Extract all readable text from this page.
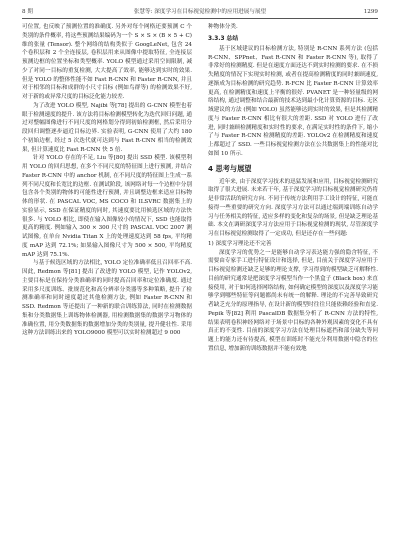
8 期	张慧等: 深度学习在目标视觉检测中的应用进展与展望	1299

可位置, 也反映了预测位置的准确度. 另外对每个网格还要预测 C 个类别的条件概率, 将这些预测结果编码为一个 S × S × (B × 5 + C) 维的张量 (Tensor). 整个网络的结构类似于 GoogLeNet, 包含 24 个卷积层和 2 个全连接层, 卷积层用来从图像中提取特征, 全连接层预测边框的位置坐标和类型概率. YOLO 模型通过采用空间限制, 减少了对同一目标的重复检测, 大大提高了效率, 能够达到实时的效果. 但是 YOLO 的整体性能不如 Fast R-CNN 和 Faster R-CNN, 并且对于相邻的目标和成群的小尺寸目标 (例如鸟群等) 的检测效果不好, 对于新的或异常尺度的目标泛化能力较差.

为了改进 YOLO 模型, Najibi 等[78] 提出的 G-CNN 模型也着眼于检测速度的提升. 该方法将目标检测模型转化为迭代回归问题, 通过对整幅图像进行不同尺度的网格划分得到初始检测框, 然后采用分段回归调整逐步逼近目标边界. 实验表明, G-CNN 使用了大约 180 个初始边框, 经过 5 次迭代就可达到与 Fast R-CNN 相当的检测效果, 但计算速度比 Fast R-CNN 快 5 倍.

针对 YOLO 存在的不足, Liu 等[80] 提出 SSD 模型. 该模型利用 YOLO 的回归思想, 在多个不同尺度的特征图上进行预测, 并结合 Faster R-CNN 中的 anchor 机制, 在不同尺度的特征图上生成一系列不同尺度和长宽比的边框. 在测试阶段, 该网络对每一个边框中分别包含各个类别的物体的可能性进行预测, 并且调整边框来适应目标物体的形状. 在 PASCAL VOC, MS COCO 和 ILSVRC 数据集上的实验显示, SSD 在保证精度的同时, 其速度要比用候选区域的方法快很多. 与 YOLO 相比, 即使在输入图像较小的情况下, SSD 也能取得更高的精度. 例如输入 300 × 300 尺寸的 PASCAL VOC 2007 测试图像, 在单台 Nvidia Titan X 上的处理速度达到 58 fps, 平均精度 mAP 达到 72.1%; 如果输入图像尺寸为 500 × 500, 平均精度 mAP 达到 75.1%.

与基于候选区域的方法相比, YOLO 定位准确率低且召回率不高. 因此, Redmon 等[81] 提出了改进的 YOLO 模型, 记作 YOLOv2, 主要目标是在保持分类准确率的同时提高召回率和定位准确度. 通过采用多尺度训练、批规范化和高分辨率分类器等多种策略, 提升了检测准确率和同时速度超过其他检测方法, 例如 Faster R-CNN 和 SSD. Redmon 等还提出了一种新的联合训练算法, 同时在检测数据集和分类数据集上训练物体检测器, 用检测数据集的数据学习物体的准确位置, 用分类数据集的数据增加分类的类别量, 提升健壮性. 采用这种方法训练出来的 YOLO9000 模型可以实时检测超过 9 000

种物体分类.

3.3.3 总结

基于区域建议的目标检测方法, 特别是 R-CNN 系列方法 (包括 R-CNN、SPPnet、Fast R-CNN 和 Faster R-CNN 等), 取得了非常好的检测精度. 但是在速度方面还达不到实时检测的要求. 在不损失精度的情况下实现实时检测, 或者在提高检测精度的同时兼顾速度, 逐渐成为目标检测的研究趋势. R-FCN 比 Faster R-CNN 计算效率更高, 在检测精度和速度上平衡的很好. PVANET 是一种轻量级的网络结构, 通过调整和结合最新的技术达到最小化计算资源的目标. 无区域建议的方法 (例如 YOLO) 虽然能够达到实时的效果, 但是其检测精度与 Faster R-CNN 相比有很大的差距. SSD 对 YOLO 进行了改进, 同时兼顾检测精度和实时性的要求, 在满足实时性的条件下, 缩小了与 Faster R-CNN 检测精度的差距. YOLOv2 在检测精度和速度上都超过了 SSD. 一些目标视觉检测方法在公共数据集上的性能对比如图 10 所示.

4 思考与展望

近年来, 由于深度学习技术的迅猛发展和应用, 目标视觉检测研究取得了很大进展. 未来若干年, 基于深度学习的目标视觉检测研究仍将是非常活跃的研究方向. 不同于传统方法利用手工设计的特征, 可能直接得一些重要的研究方向. 深度学习方法可以通过端到端训练自动学习与任务相关的特征, 适应多样的变化和复杂的场景, 但是缺乏理论基础. 本文在调研深度学习方法应用于目标视觉检测的现状, 尽管深度学习在目标视觉检测取得了一定成功, 但是还存在一些问题:

1) 深度学习理论还不完善

深度学习的优势之一是能够自动学习表达能力强的隐含特征, 不需要由专家手工进行特征设计和选择, 但是, 目前关于深度学习应用于目标视觉检测还缺乏足够的理论支撑, 学习得到的模型缺乏可解释性. 目前的研究通常是把深度学习模型当作一个黑盒子 (Black box) 来直接使用, 对于如何选择网络结构, 如何确定模型的深度以及深度学习能够学到哪些特征等问题都尚未有统一的解释. 理论的不完善导致研究者缺乏充分的原理指导, 在设计新的模型时往往只能依赖经验和直觉. Pepik 等[82] 利用 PascalDB 数据集分析了 R-CNN 方法的特性, 结果表明卷积神经网络对于场景中目标的各种外观因素的变化不具有真正的不变性. 目前的深度学习方法在处理目标遮挡和部分缺失等问题上的能力还有待提高, 模型在训练时不能充分利用数据中隐含的位置信息, 增加新的训练数据并不能有效地
